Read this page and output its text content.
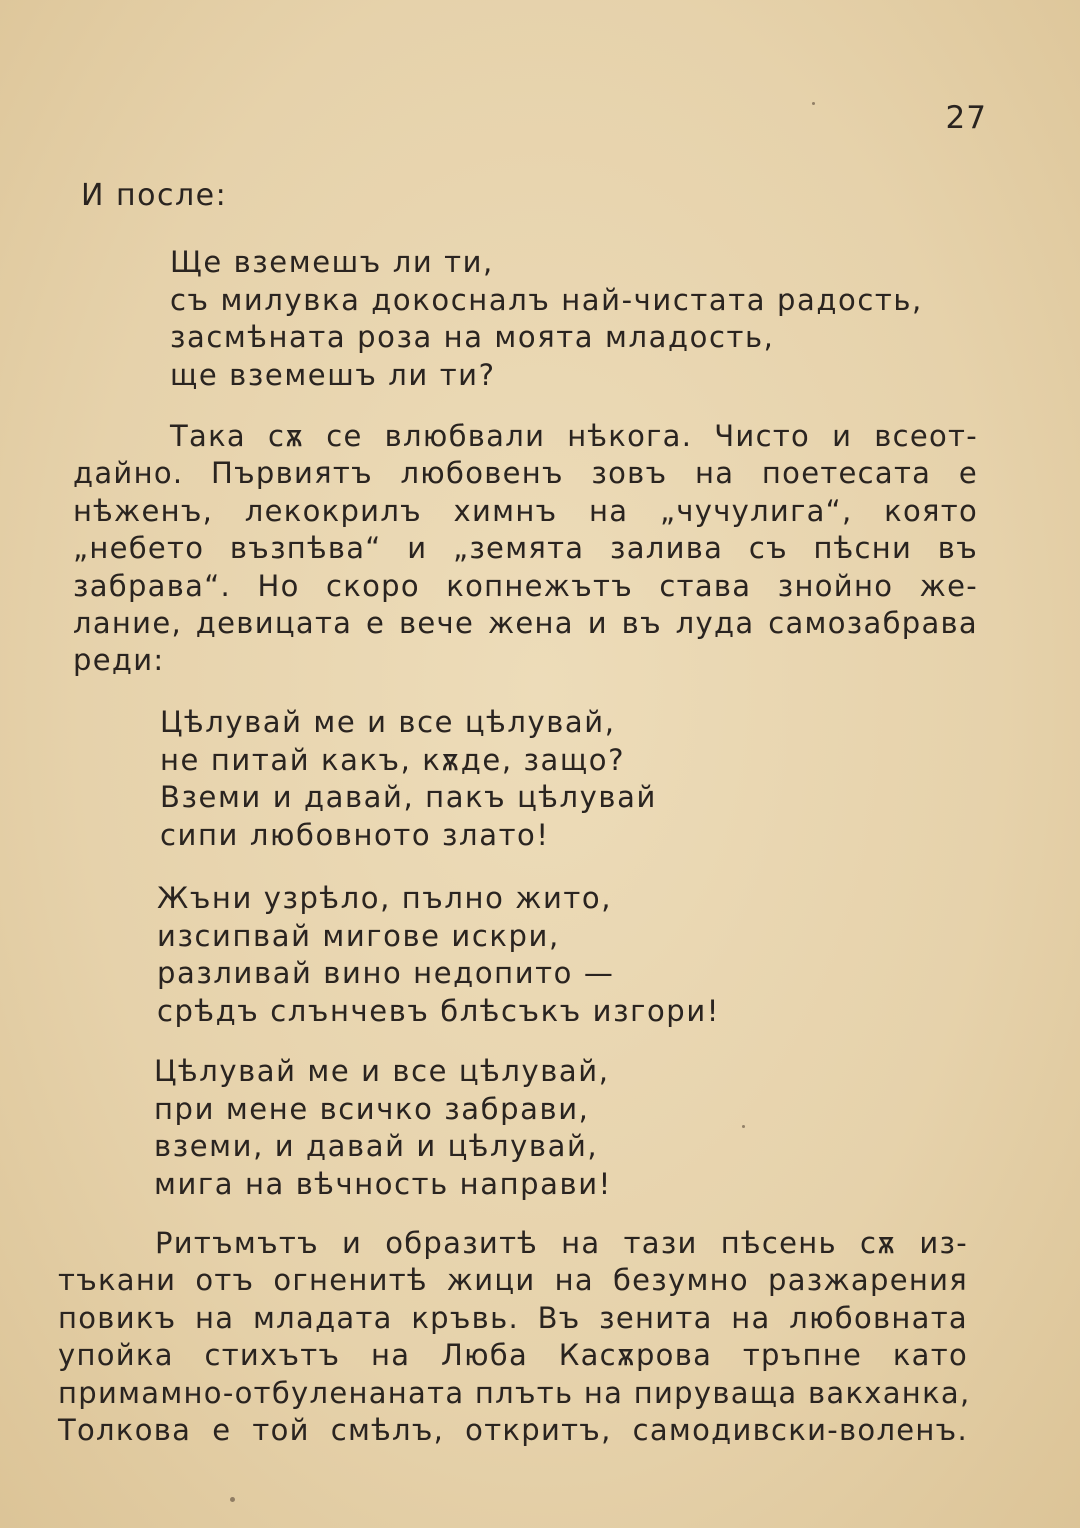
27
И после:
Ще вземешъ ли ти,
съ милувка докосналъ най-чистата радость,
засмѣната роза на моята младость,
ще вземешъ ли ти?
Така сѫ се влюбвали нѣкога. Чисто и всеот-
дайно. Първиятъ любовенъ зовъ на поетесата е
нѣженъ, лекокрилъ химнъ на „чучулига“, която
„небето възпѣва“ и „земята залива съ пѣсни въ
забрава“. Но скоро копнежътъ става знойно же-
лание, девицата е вече жена и въ луда самозабрава
реди:
Цѣлувай ме и все цѣлувай,
не питай какъ, кѫде, защо?
Вземи и давай, пакъ цѣлувай
сипи любовното злато!
Жъни узрѣло, пълно жито,
изсипвай мигове искри,
разливай вино недопито —
срѣдъ слънчевъ блѣсъкъ изгори!
Цѣлувай ме и все цѣлувай,
при мене всичко забрави,
вземи, и давай и цѣлувай,
мига на вѣчность направи!
Ритъмътъ и образитѣ на тази пѣсень сѫ из-
тъкани отъ огненитѣ жици на безумно разжарения
повикъ на младата кръвь. Въ зенита на любовната
упойка стихътъ на Люба Касѫрова тръпне като
примамно-отбуленаната плъть на пируваща вакханка,
Толкова е той смѣлъ, откритъ, самодивски-воленъ.
